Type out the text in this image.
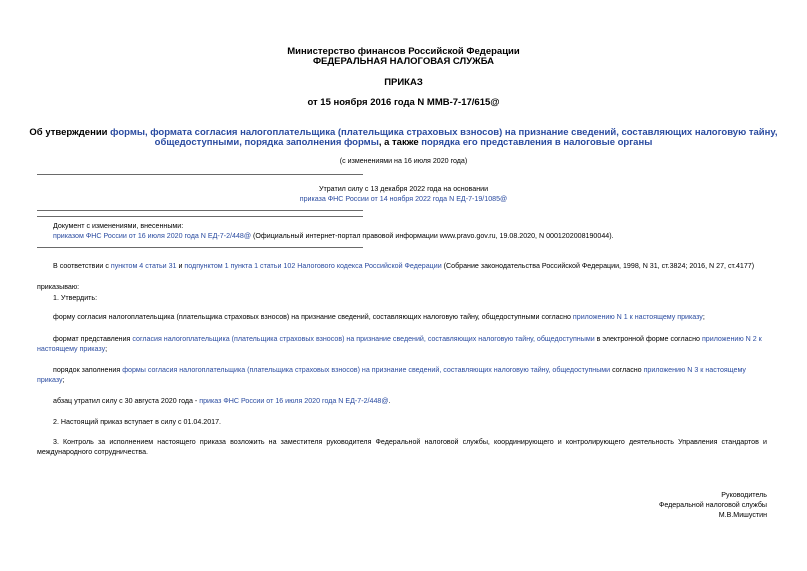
Министерство финансов Российской Федерации
ФЕДЕРАЛЬНАЯ НАЛОГОВАЯ СЛУЖБА
ПРИКАЗ
от 15 ноября 2016 года N ММВ-7-17/615@
Об утверждении формы, формата согласия налогоплательщика (плательщика страховых взносов) на признание сведений, составляющих налоговую тайну,
общедоступными, порядка заполнения формы, а также порядка его представления в налоговые органы
(с изменениями на 16 июля 2020 года)
Утратил силу с 13 декабря 2022 года на основании
приказа ФНС России от 14 ноября 2022 года N ЕД-7-19/1085@
Документ с изменениями, внесенными:
приказом ФНС России от 16 июля 2020 года N ЕД-7-2/448@ (Официальный интернет-портал правовой информации www.pravo.gov.ru, 19.08.2020, N 0001202008190044).
В соответствии с пунктом 4 статьи 31 и подпунктом 1 пункта 1 статьи 102 Налогового кодекса Российской Федерации (Собрание законодательства Российской Федерации, 1998, N 31, ст.3824; 2016, N 27, ст.4177)
приказываю:
1. Утвердить:
форму согласия налогоплательщика (плательщика страховых взносов) на признание сведений, составляющих налоговую тайну, общедоступными согласно приложению N 1 к настоящему приказу;
формат представления согласия налогоплательщика (плательщика страховых взносов) на признание сведений, составляющих налоговую тайну, общедоступными в электронной форме согласно приложению N 2 к
настоящему приказу;
порядок заполнения формы согласия налогоплательщика (плательщика страховых взносов) на признание сведений, составляющих налоговую тайну, общедоступными согласно приложению N 3 к настоящему
приказу;
абзац утратил силу с 30 августа 2020 года - приказ ФНС России от 16 июля 2020 года N ЕД-7-2/448@.
2. Настоящий приказ вступает в силу с 01.04.2017.
3. Контроль за исполнением настоящего приказа возложить на заместителя руководителя Федеральной налоговой службы, координирующего и контролирующего деятельность Управления стандартов и
международного сотрудничества.
Руководитель
Федеральной налоговой службы
М.В.Мишустин
